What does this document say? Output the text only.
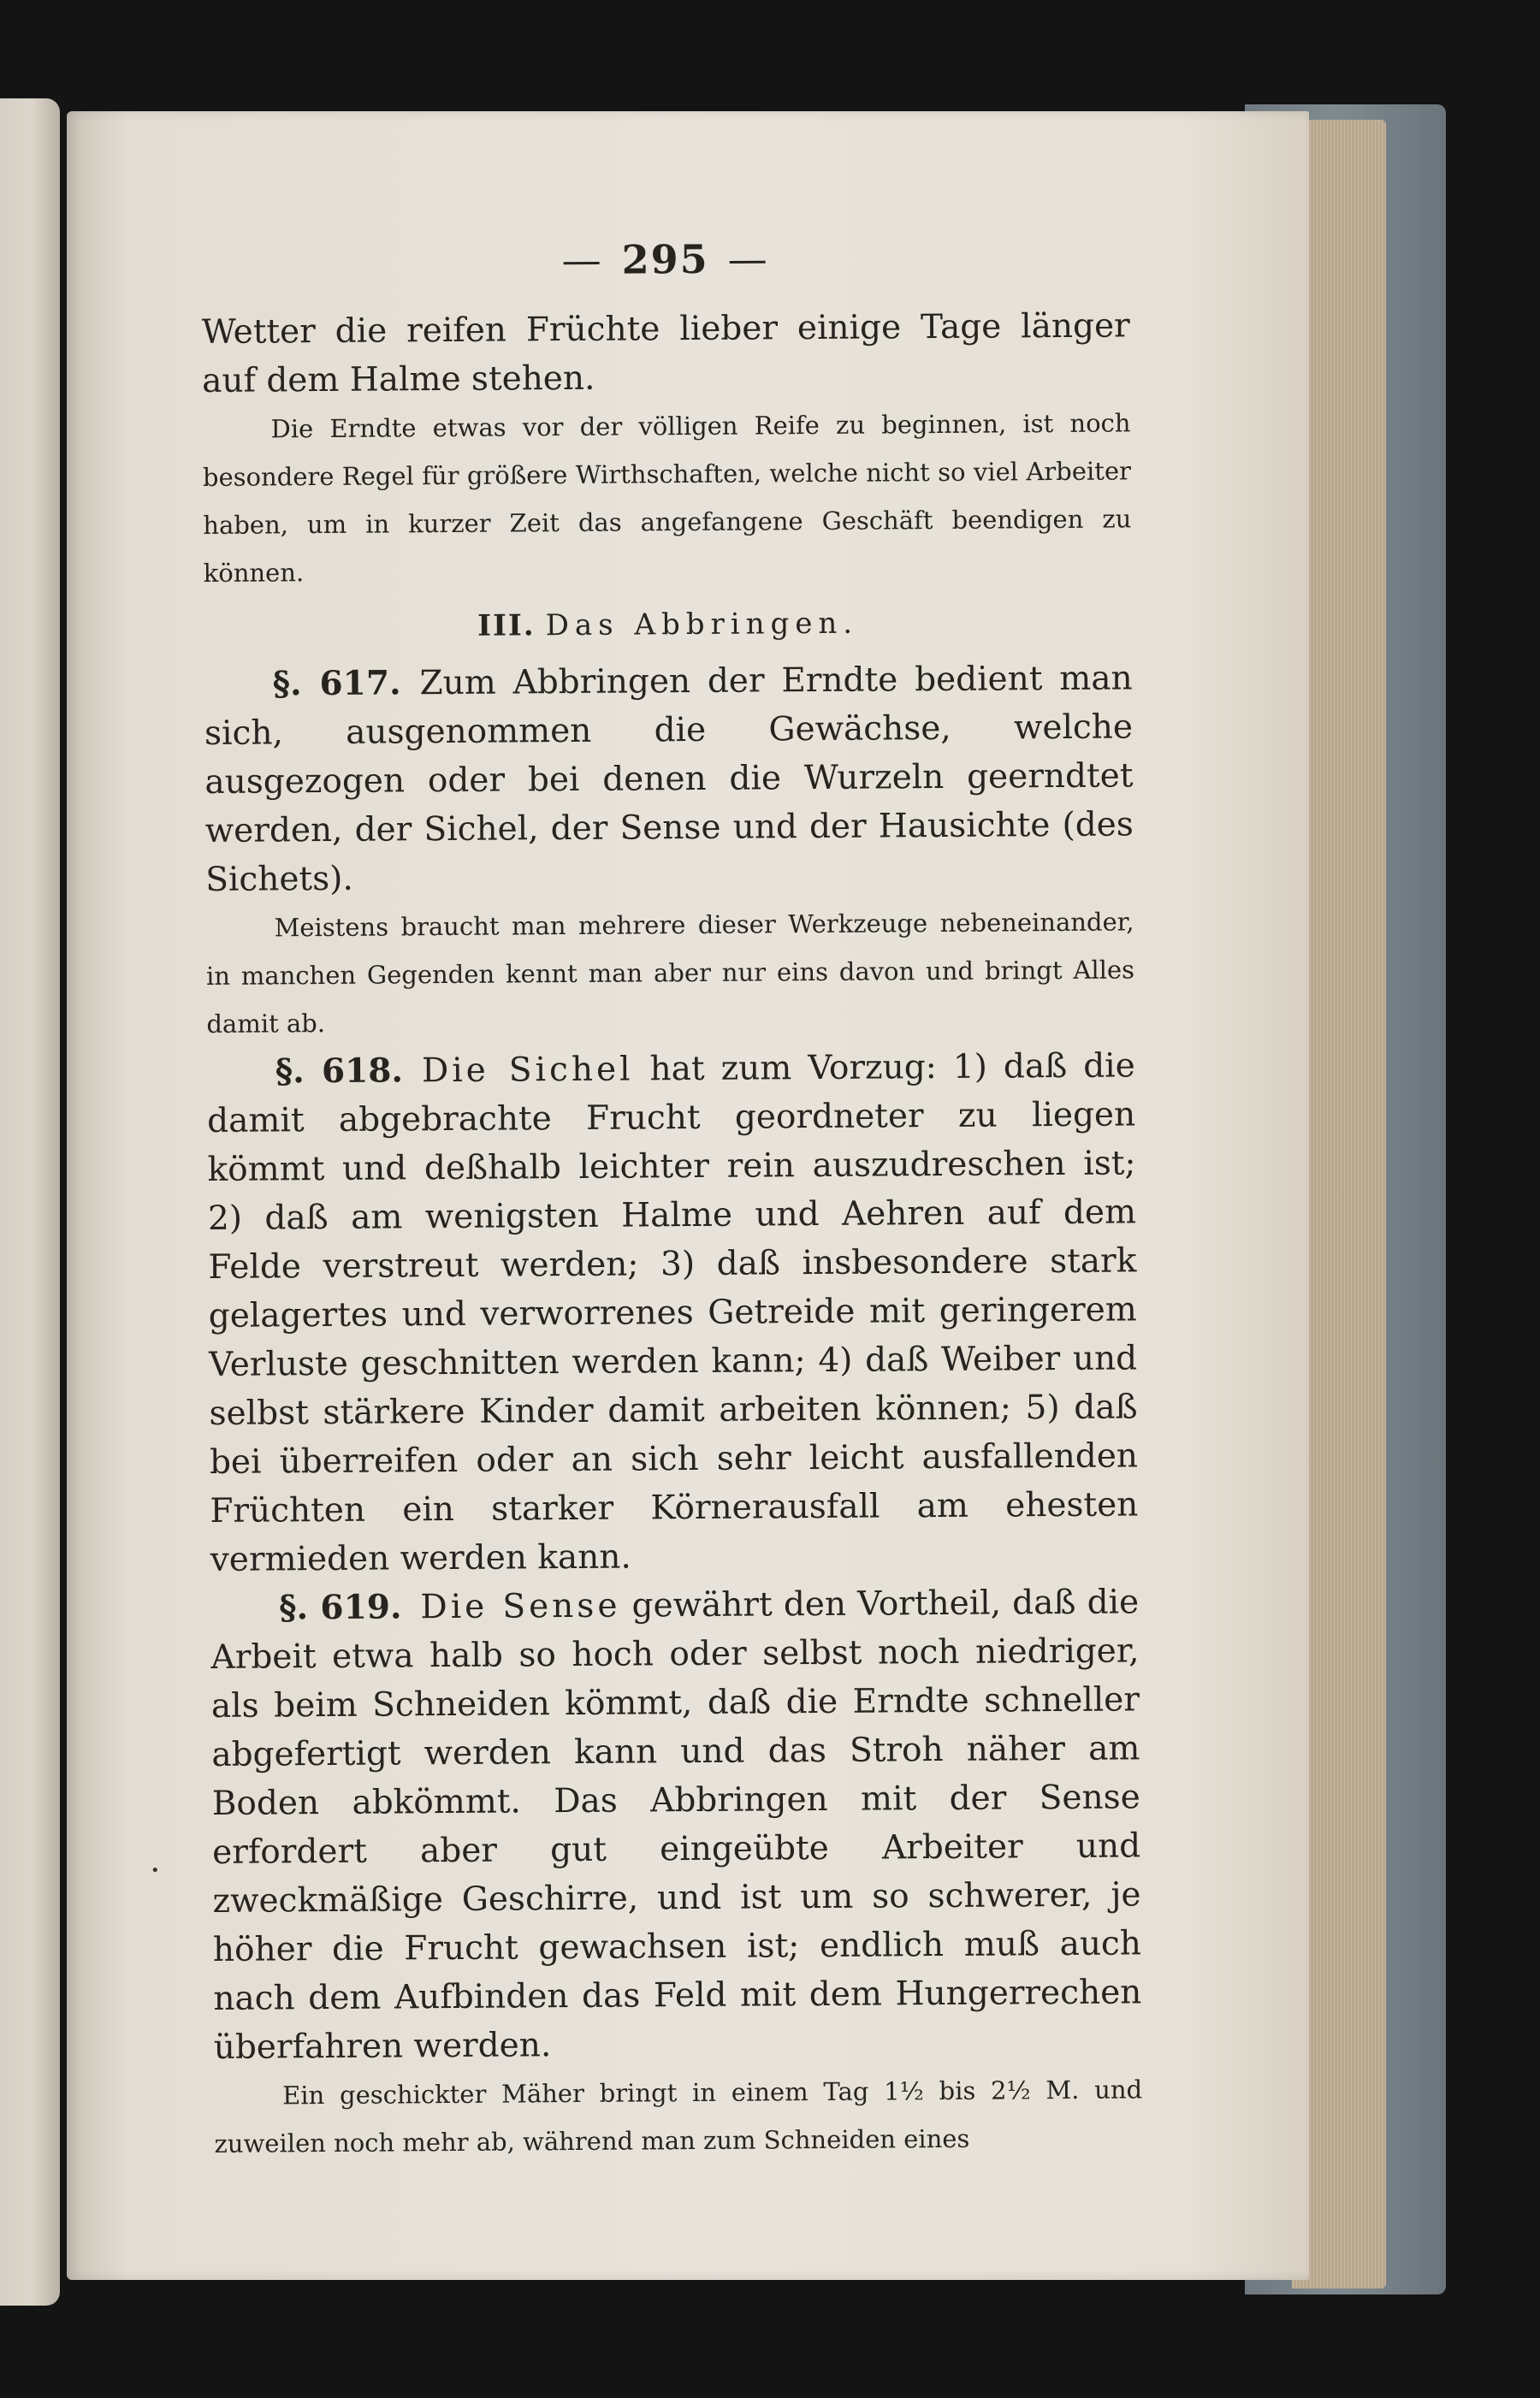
— 295 —

Wetter die reifen Früchte lieber einige Tage länger auf dem Halme stehen.

Die Erndte etwas vor der völligen Reife zu beginnen, ist noch besondere Regel für größere Wirthschaften, welche nicht so viel Arbeiter haben, um in kurzer Zeit das angefangene Geschäft beendigen zu können.

III. Das Abbringen.

§. 617. Zum Abbringen der Erndte bedient man sich, ausgenommen die Gewächse, welche ausgezogen oder bei denen die Wurzeln geerndtet werden, der Sichel, der Sense und der Hausichte (des Sichets).

Meistens braucht man mehrere dieser Werkzeuge nebeneinander, in manchen Gegenden kennt man aber nur eins davon und bringt Alles damit ab.

§. 618. Die Sichel hat zum Vorzug: 1) daß die damit abgebrachte Frucht geordneter zu liegen kömmt und deßhalb leichter rein auszudreschen ist; 2) daß am wenigsten Halme und Aehren auf dem Felde verstreut werden; 3) daß insbesondere stark gelagertes und verworrenes Getreide mit geringerem Verluste geschnitten werden kann; 4) daß Weiber und selbst stärkere Kinder damit arbeiten können; 5) daß bei überreifen oder an sich sehr leicht ausfallenden Früchten ein starker Körnerausfall am ehesten vermieden werden kann.

§. 619. Die Sense gewährt den Vortheil, daß die Arbeit etwa halb so hoch oder selbst noch niedriger, als beim Schneiden kömmt, daß die Erndte schneller abgefertigt werden kann und das Stroh näher am Boden abkömmt. Das Abbringen mit der Sense erfordert aber gut eingeübte Arbeiter und zweckmäßige Geschirre, und ist um so schwerer, je höher die Frucht gewachsen ist; endlich muß auch nach dem Aufbinden das Feld mit dem Hungerrechen überfahren werden.

Ein geschickter Mäher bringt in einem Tag 1½ bis 2½ M. und zuweilen noch mehr ab, während man zum Schneiden eines

•
